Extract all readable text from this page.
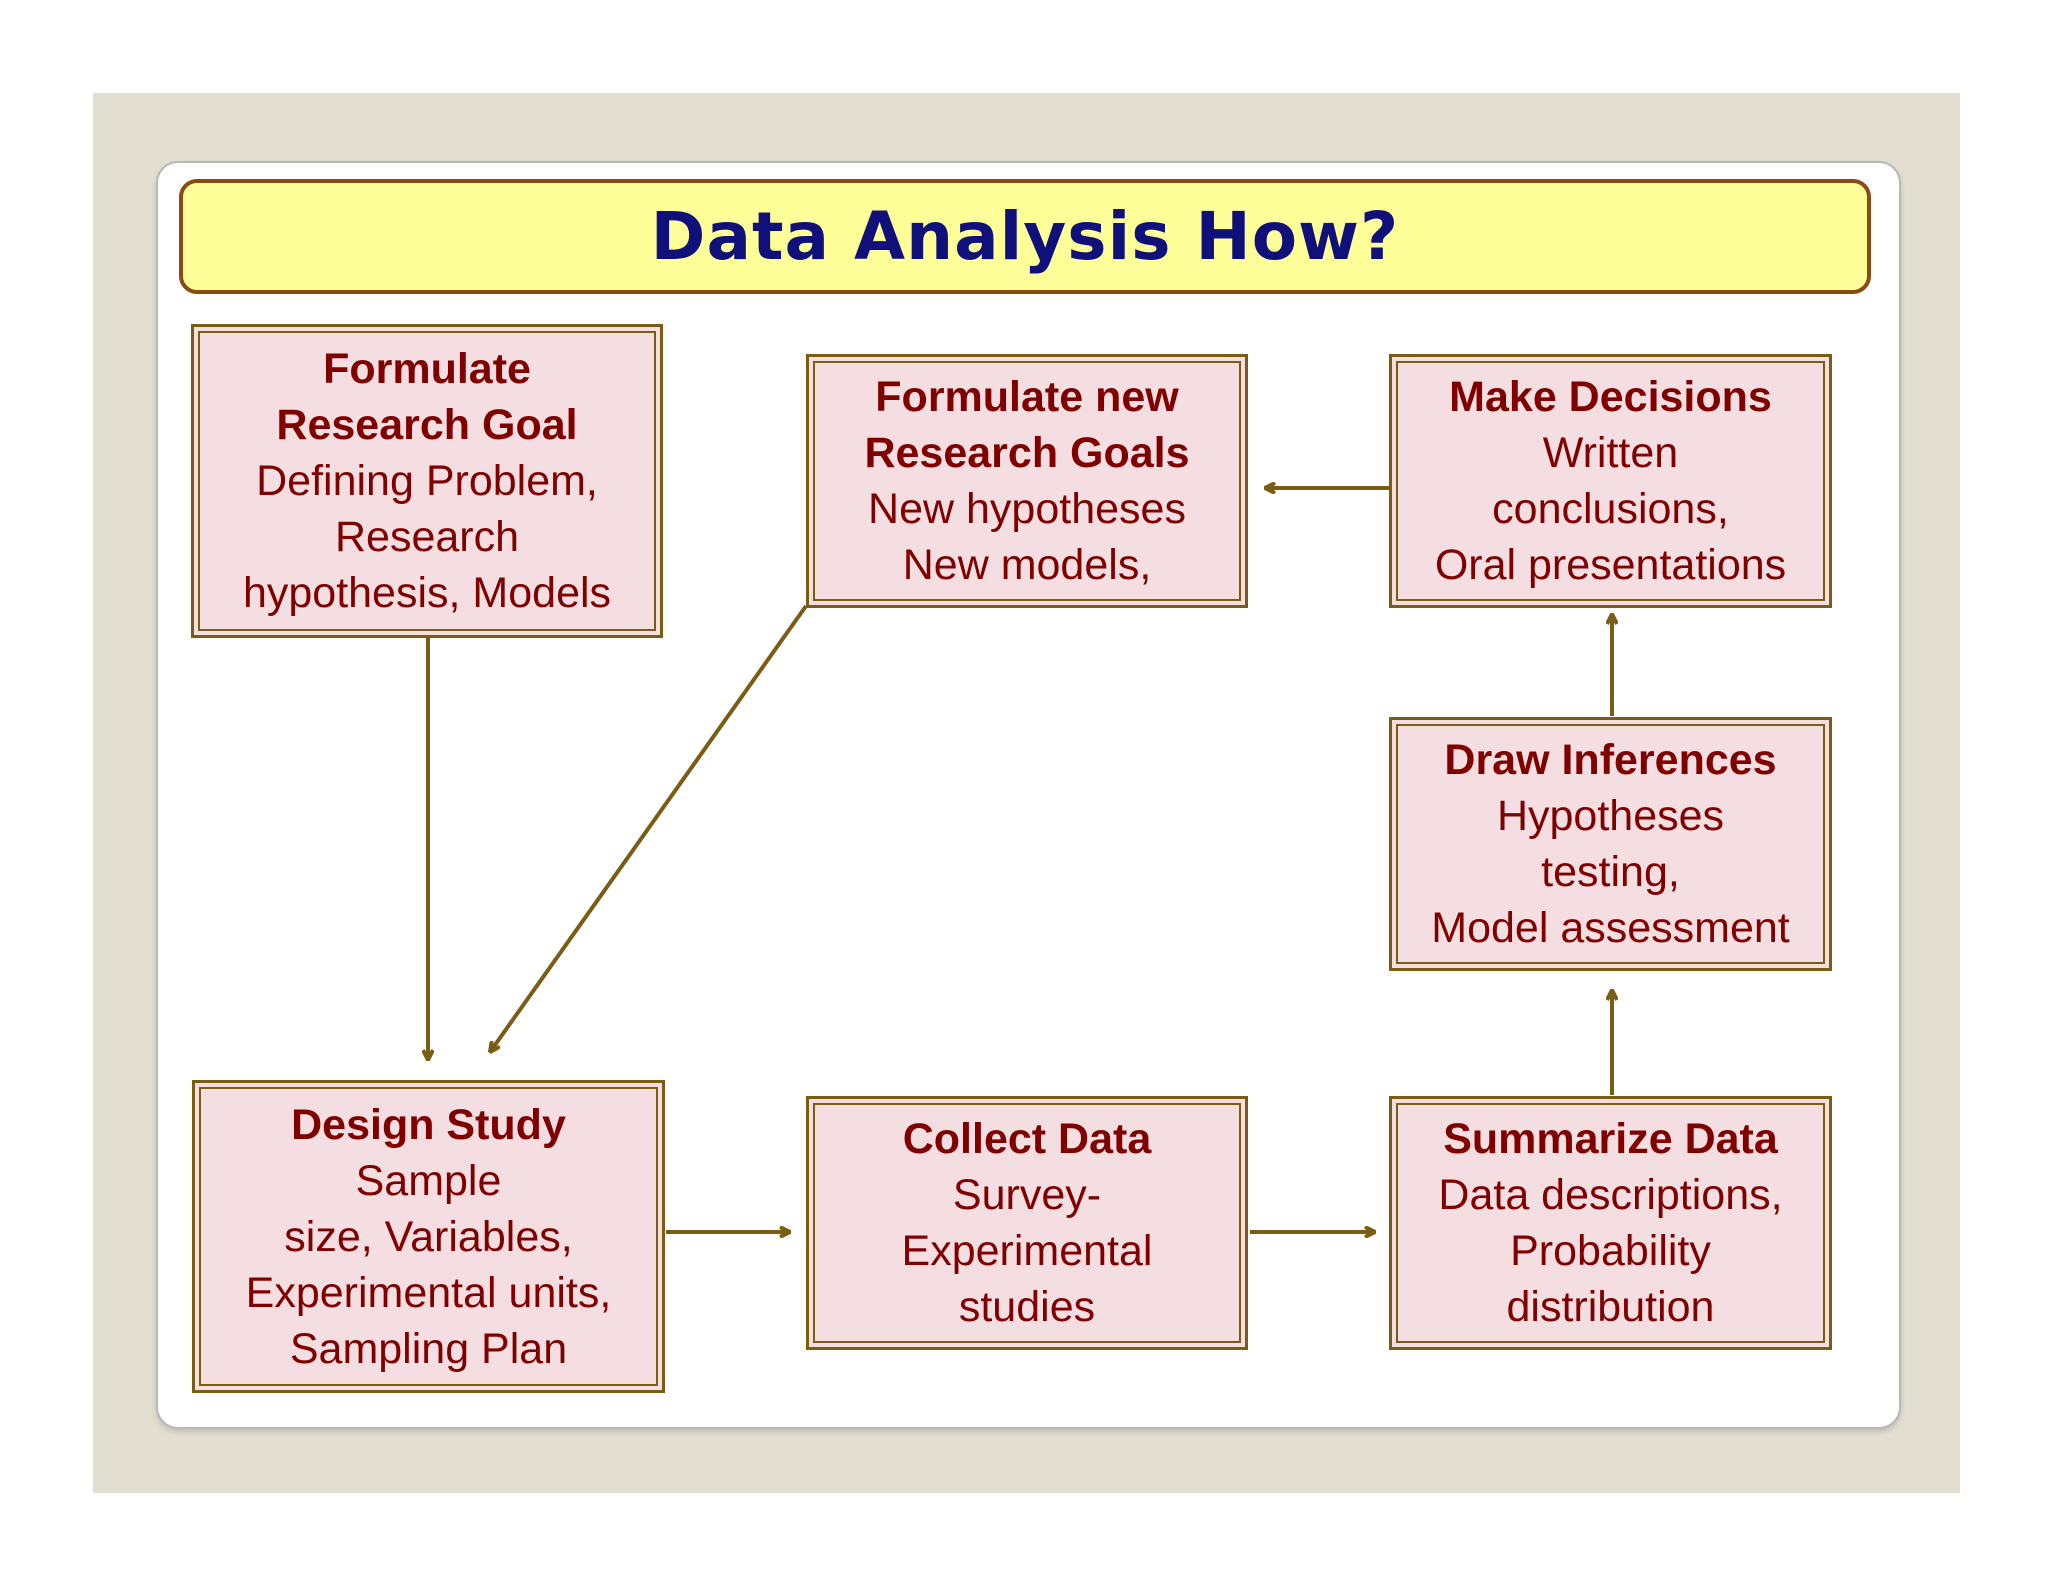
Data Analysis How?
Formulate
Research Goal
Defining Problem,
Research
hypothesis, Models
Formulate new
Research Goals
New hypotheses
New models,
Make Decisions
Written
conclusions,
Oral presentations
Draw Inferences
Hypotheses
testing,
Model assessment
Design Study
Sample
size, Variables,
Experimental units,
Sampling Plan
Collect Data
Survey-
Experimental
studies
Summarize Data
Data descriptions,
Probability
distribution
